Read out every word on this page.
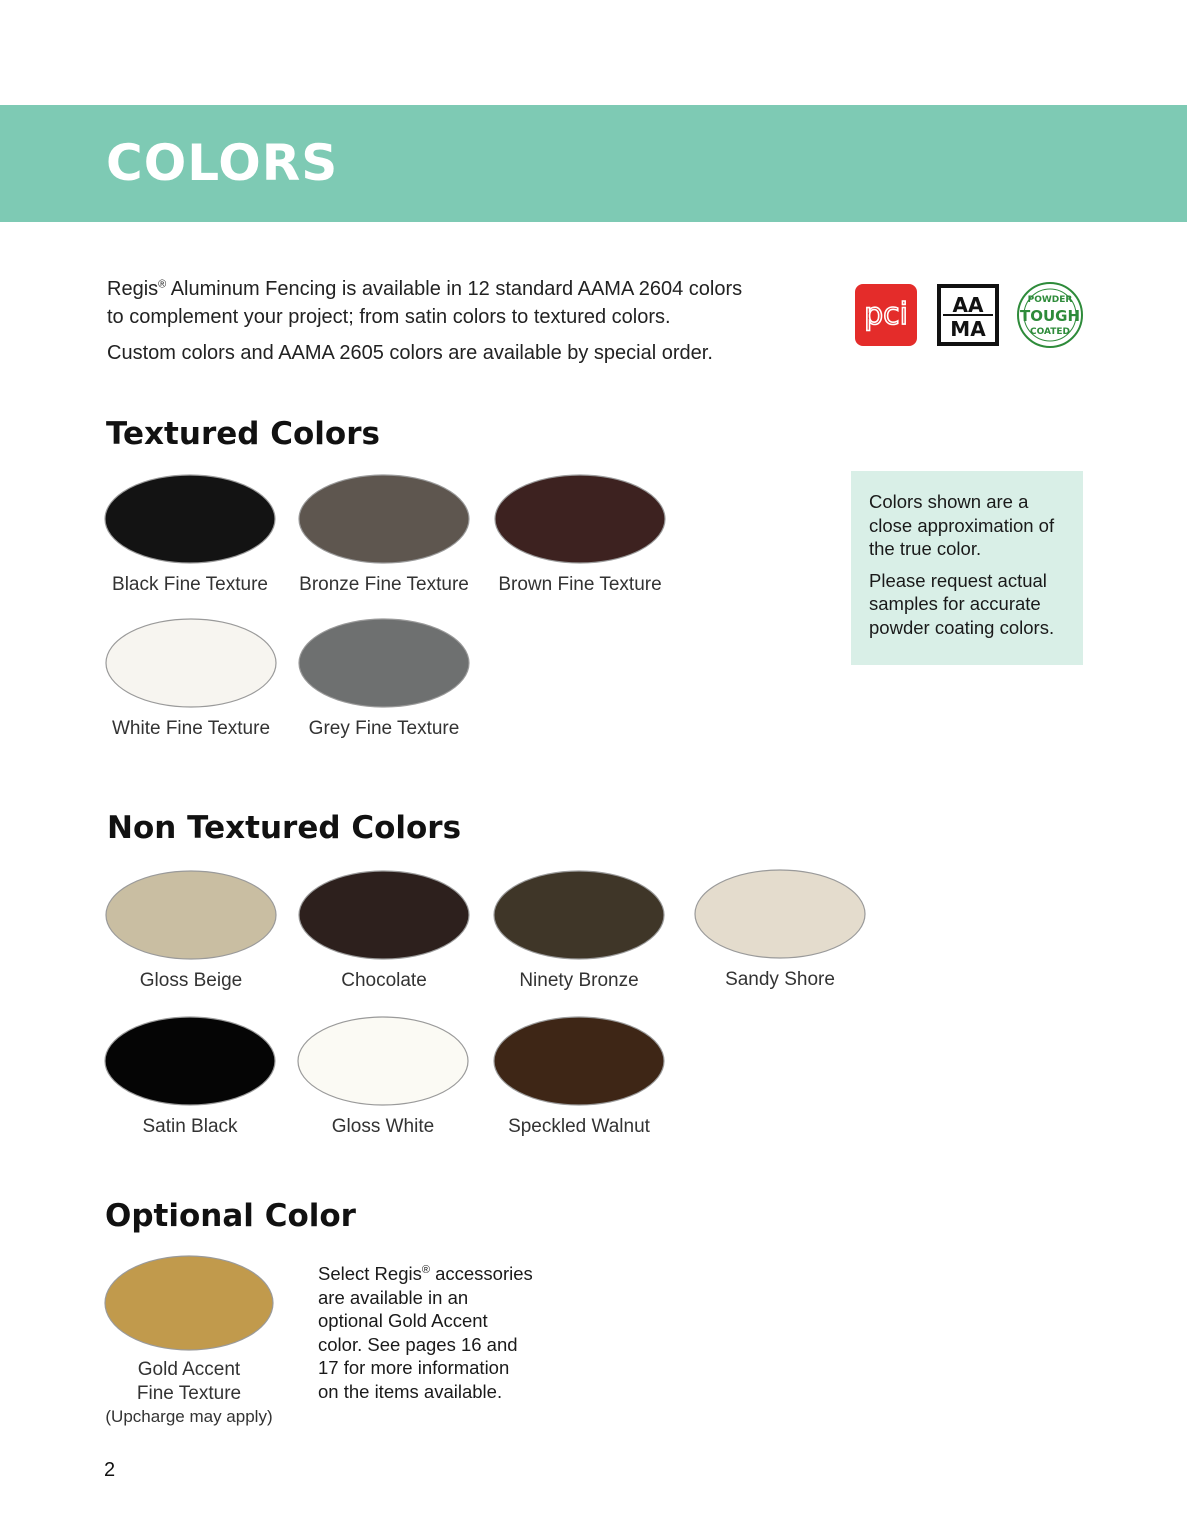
COLORS

Regis® Aluminum Fencing is available in 12 standard AAMA 2604 colors
to complement your project; from satin colors to textured colors.

Custom colors and AAMA 2605 colors are available by special order.

pci AA
MA
POWDER
TOUGH
COATED
Textured Colors
Black Fine Texture	Bronze Fine Texture	Brown Fine Texture
White Fine Texture	Grey Fine Texture

Colors shown are a close approximation of the true color.

Please request actual samples for accurate powder coating colors.

Non Textured Colors
Gloss Beige	Chocolate	Ninety Bronze	Sandy Shore
Satin Black	Gloss White	Speckled Walnut
Optional Color
Gold Accent
Fine Texture
(Upcharge may apply)
Select Regis® accessories are available in an optional Gold Accent color. See pages 16 and 17 for more information on the items available.
2
